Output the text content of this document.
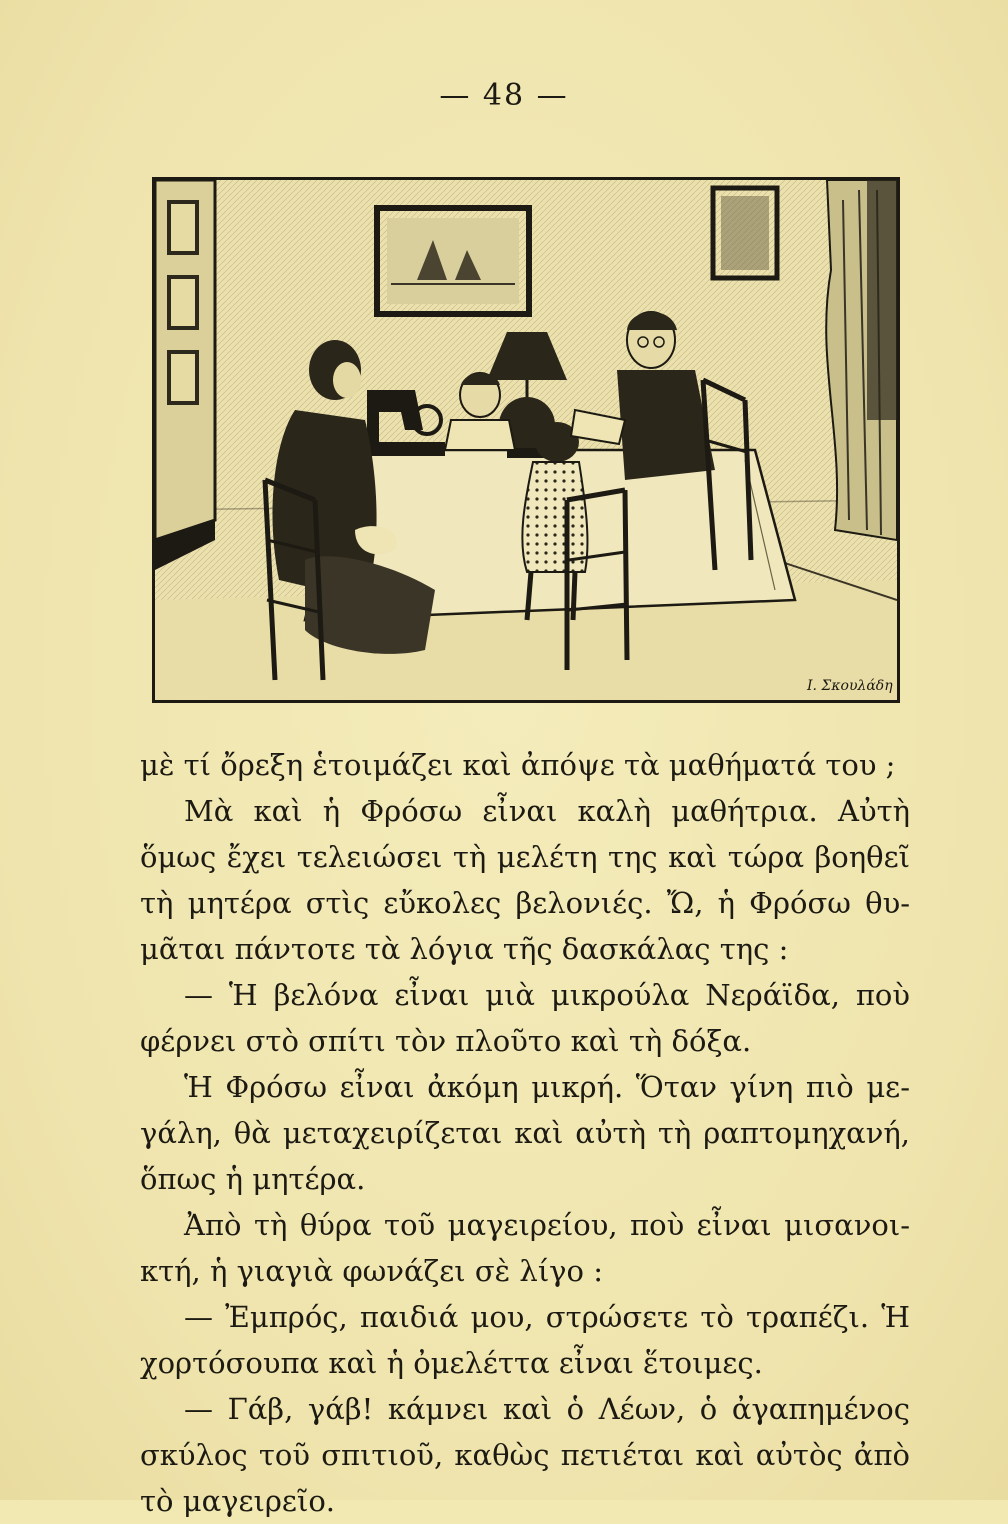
— 48 —
Ι. Σκουλάδη
μὲ τί ὄρεξη ἑτοιμάζει καὶ ἀπόψε τὰ μαθήματά του ;
Μὰ καὶ ἡ Φρόσω εἶναι καλὴ μαθήτρια. Αὐτὴ
ὅμως ἔχει τελειώσει τὴ μελέτη της καὶ τώρα βοηθεῖ
τὴ μητέρα στὶς εὔκολες βελονιές. Ὤ, ἡ Φρόσω θυ-
μᾶται πάντοτε τὰ λόγια τῆς δασκάλας της :
— Ἡ βελόνα εἶναι μιὰ μικρούλα Νεράϊδα, ποὺ
φέρνει στὸ σπίτι τὸν πλοῦτο καὶ τὴ δόξα.
Ἡ Φρόσω εἶναι ἀκόμη μικρή. Ὅταν γίνη πιὸ με-
γάλη, θὰ μεταχειρίζεται καὶ αὐτὴ τὴ ραπτομηχανή,
ὅπως ἡ μητέρα.
Ἀπὸ τὴ θύρα τοῦ μαγειρείου, ποὺ εἶναι μισανοι-
κτή, ἡ γιαγιὰ φωνάζει σὲ λίγο :
— Ἐμπρός, παιδιά μου, στρώσετε τὸ τραπέζι. Ἡ
χορτόσουπα καὶ ἡ ὀμελέττα εἶναι ἕτοιμες.
— Γάβ, γάβ! κάμνει καὶ ὁ Λέων, ὁ ἀγαπημένος
σκύλος τοῦ σπιτιοῦ, καθὼς πετιέται καὶ αὐτὸς ἀπὸ
τὸ μαγειρεῖο.
